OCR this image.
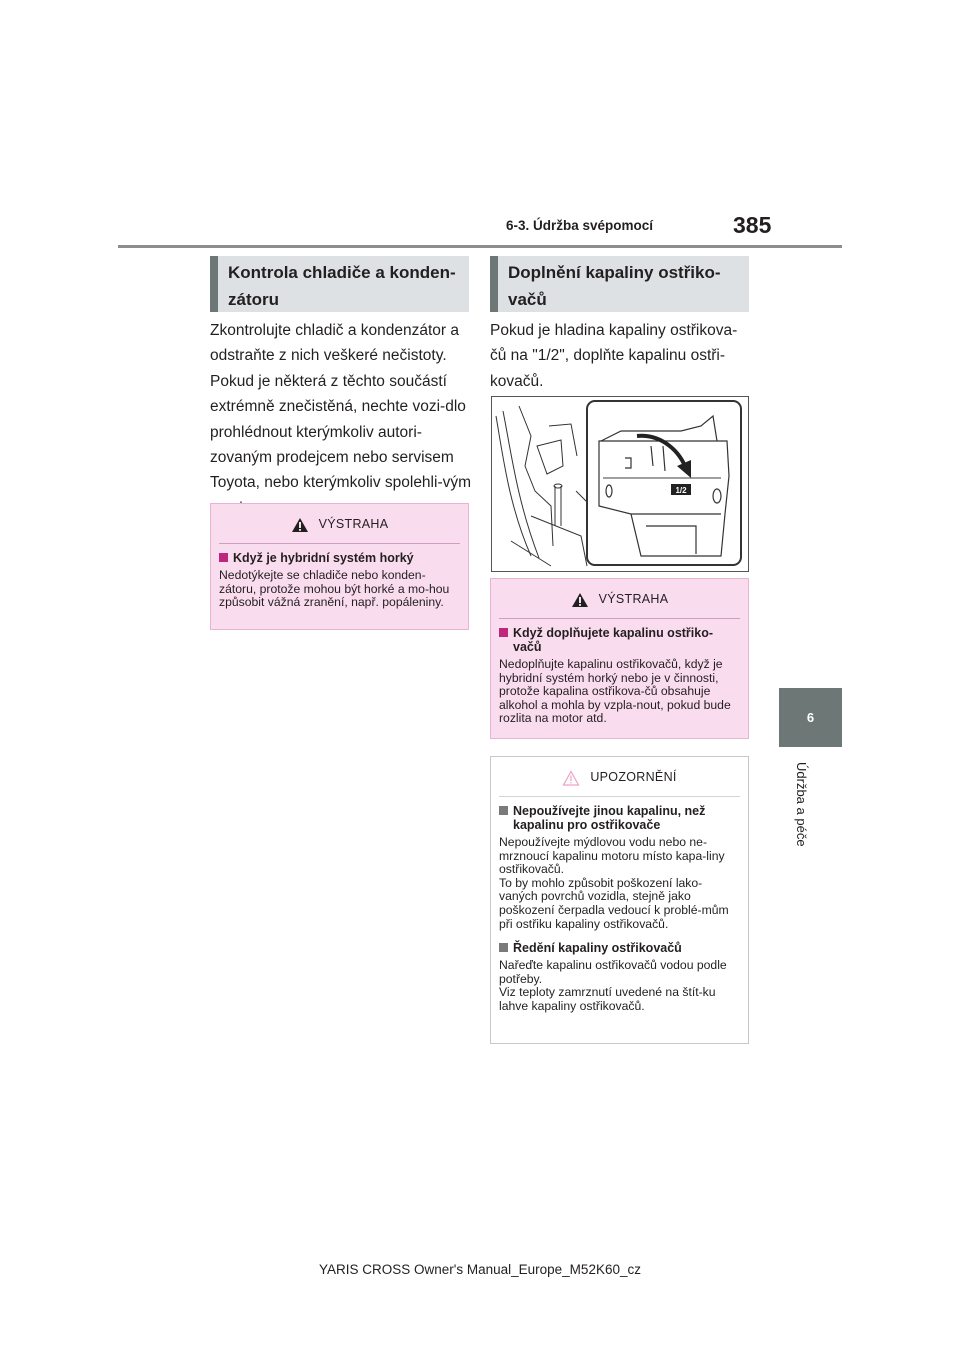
6-3. Údržba svépomocí	385
6
Údržba a péče
Kontrola chladiče a konden-
zátoru
Zkontrolujte chladič a kondenzátor a odstraňte z nich veškeré nečistoty. Pokud je některá z těchto součástí extrémně znečistěná, nechte vozi-dlo prohlédnout kterýmkoliv autori-zovaným prodejcem nebo servisem Toyota, nebo kterýmkoliv spolehli-vým
VÝSTRAHA
Když je hybridní systém horký
Nedotýkejte se chladiče nebo konden-zátoru, protože mohou být horké a mo-hou způsobit vážná zranění, např. popáleniny.
Doplnění kapaliny ostřiko-
vačů
Pokud je hladina kapaliny ostřikova-čů na "1/2", doplňte kapalinu ostři-kovačů.
1/2
VÝSTRAHA
Když doplňujete kapalinu ostřiko-vačů
Nedoplňujte kapalinu ostřikovačů, když je hybridní systém horký nebo je v činnosti, protože kapalina ostřikova-čů obsahuje alkohol a mohla by vzpla-nout, pokud bude rozlita na motor atd.
UPOZORNĚNÍ
Nepoužívejte jinou kapalinu, než kapalinu pro ostřikovače
Nepoužívejte mýdlovou vodu nebo ne-mrznoucí kapalinu motoru místo kapa-liny ostřikovačů.
To by mohlo způsobit poškození lako-vaných povrchů vozidla, stejně jako poškození čerpadla vedoucí k problé-mům při ostřiku kapaliny ostřikovačů.
Ředění kapaliny ostřikovačů
Nařeďte kapalinu ostřikovačů vodou podle potřeby.
Viz teploty zamrznutí uvedené na štít-ku lahve kapaliny ostřikovačů.
YARIS CROSS Owner's Manual_Europe_M52K60_cz
